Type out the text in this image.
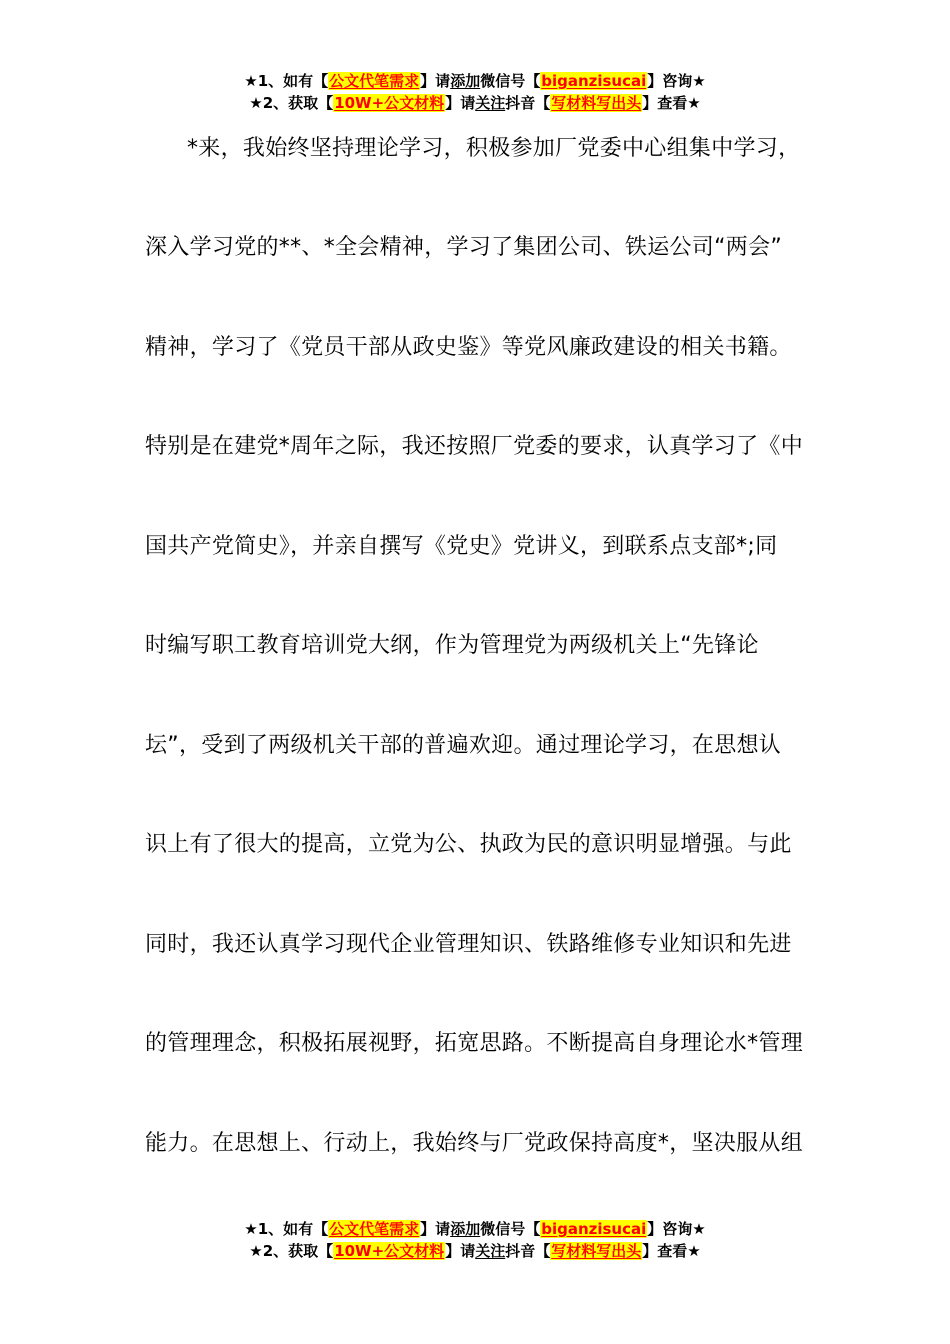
★1、如有【公文代笔需求】请添加微信号【biganzisucai】咨询★
★2、获取【10W+公文材料】请关注抖音【写材料写出头】查看★
*来，我始终坚持理论学习，积极参加厂党委中心组集中学习，
深入学习党的**、*全会精神，学习了集团公司、铁运公司“两会”
精神，学习了《党员干部从政史鉴》等党风廉政建设的相关书籍。
特别是在建党*周年之际，我还按照厂党委的要求，认真学习了《中
国共产党简史》，并亲自撰写《党史》党讲义，到联系点支部*;同
时编写职工教育培训党大纲，作为管理党为两级机关上“先锋论
坛”，受到了两级机关干部的普遍欢迎。通过理论学习，在思想认
识上有了很大的提高，立党为公、执政为民的意识明显增强。与此
同时，我还认真学习现代企业管理知识、铁路维修专业知识和先进
的管理理念，积极拓展视野，拓宽思路。不断提高自身理论水*管理
能力。在思想上、行动上，我始终与厂党政保持高度*，坚决服从组
★1、如有【公文代笔需求】请添加微信号【biganzisucai】咨询★
★2、获取【10W+公文材料】请关注抖音【写材料写出头】查看★
